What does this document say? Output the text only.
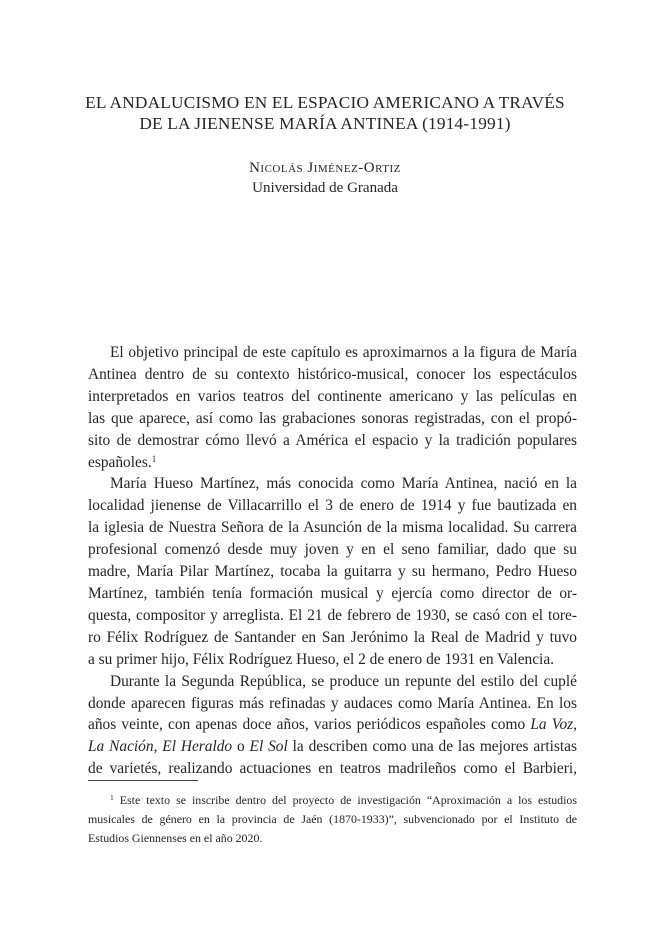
EL ANDALUCISMO EN EL ESPACIO AMERICANO A TRAVÉS
DE LA JIENENSE MARÍA ANTINEA (1914-1991)
Nicolás Jiménez-Ortiz
Universidad de Granada
El objetivo principal de este capítulo es aproximarnos a la figura de María
Antinea dentro de su contexto histórico-musical, conocer los espectáculos
interpretados en varios teatros del continente americano y las películas en
las que aparece, así como las grabaciones sonoras registradas, con el propó-
sito de demostrar cómo llevó a América el espacio y la tradición populares
españoles.$^1$
María Hueso Martínez, más conocida como María Antinea, nació en la
localidad jienense de Villacarrillo el 3 de enero de 1914 y fue bautizada en
la iglesia de Nuestra Señora de la Asunción de la misma localidad. Su carrera
profesional comenzó desde muy joven y en el seno familiar, dado que su
madre, María Pilar Martínez, tocaba la guitarra y su hermano, Pedro Hueso
Martínez, también tenía formación musical y ejercía como director de or-
questa, compositor y arreglista. El 21 de febrero de 1930, se casó con el tore-
ro Félix Rodríguez de Santander en San Jerónimo la Real de Madrid y tuvo
a su primer hijo, Félix Rodríguez Hueso, el 2 de enero de 1931 en Valencia.
Durante la Segunda República, se produce un repunte del estilo del cuplé
donde aparecen figuras más refinadas y audaces como María Antinea. En los
años veinte, con apenas doce años, varios periódicos españoles como La Voz,
La Nación, El Heraldo o El Sol la describen como una de las mejores artistas
de varietés, realizando actuaciones en teatros madrileños como el Barbieri,
$^1$ Este texto se inscribe dentro del proyecto de investigación “Aproximación a los estudios
musicales de género en la provincia de Jaén (1870-1933)”, subvencionado por el Instituto de
Estudios Giennenses en el año 2020.
